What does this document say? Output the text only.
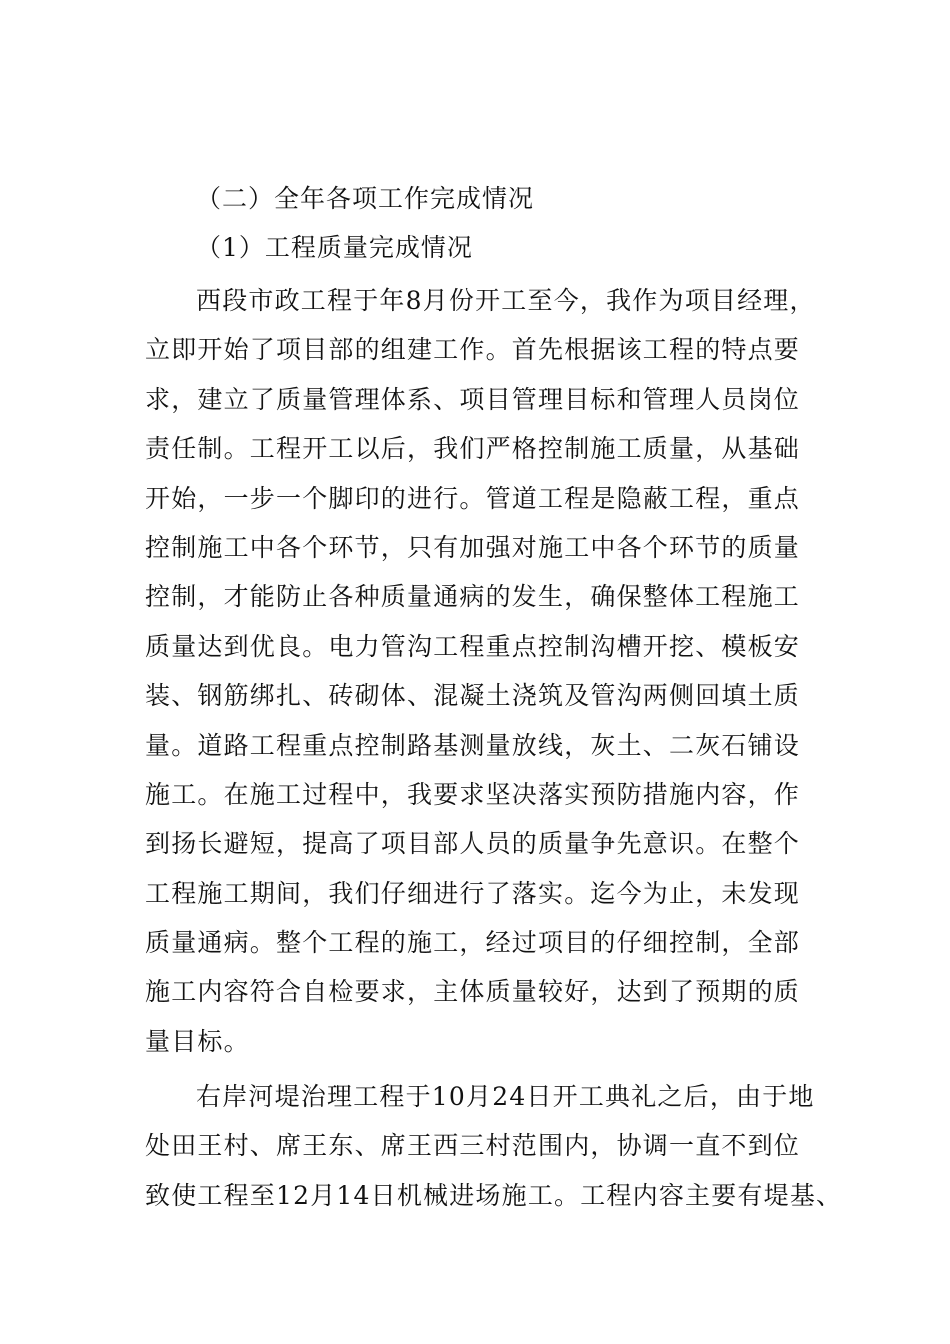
（二）全年各项工作完成情况
（1）工程质量完成情况
西段市政工程于年8月份开工至今，我作为项目经理，
立即开始了项目部的组建工作。首先根据该工程的特点要
求，建立了质量管理体系、项目管理目标和管理人员岗位
责任制。工程开工以后，我们严格控制施工质量，从基础
开始，一步一个脚印的进行。管道工程是隐蔽工程，重点
控制施工中各个环节，只有加强对施工中各个环节的质量
控制，才能防止各种质量通病的发生，确保整体工程施工
质量达到优良。电力管沟工程重点控制沟槽开挖、模板安
装、钢筋绑扎、砖砌体、混凝土浇筑及管沟两侧回填土质
量。道路工程重点控制路基测量放线，灰土、二灰石铺设
施工。在施工过程中，我要求坚决落实预防措施内容，作
到扬长避短，提高了项目部人员的质量争先意识。在整个
工程施工期间，我们仔细进行了落实。迄今为止，未发现
质量通病。整个工程的施工，经过项目的仔细控制，全部
施工内容符合自检要求，主体质量较好，达到了预期的质
量目标。
右岸河堤治理工程于10月24日开工典礼之后，由于地
处田王村、席王东、席王西三村范围内，协调一直不到位
致使工程至12月14日机械进场施工。工程内容主要有堤基、
